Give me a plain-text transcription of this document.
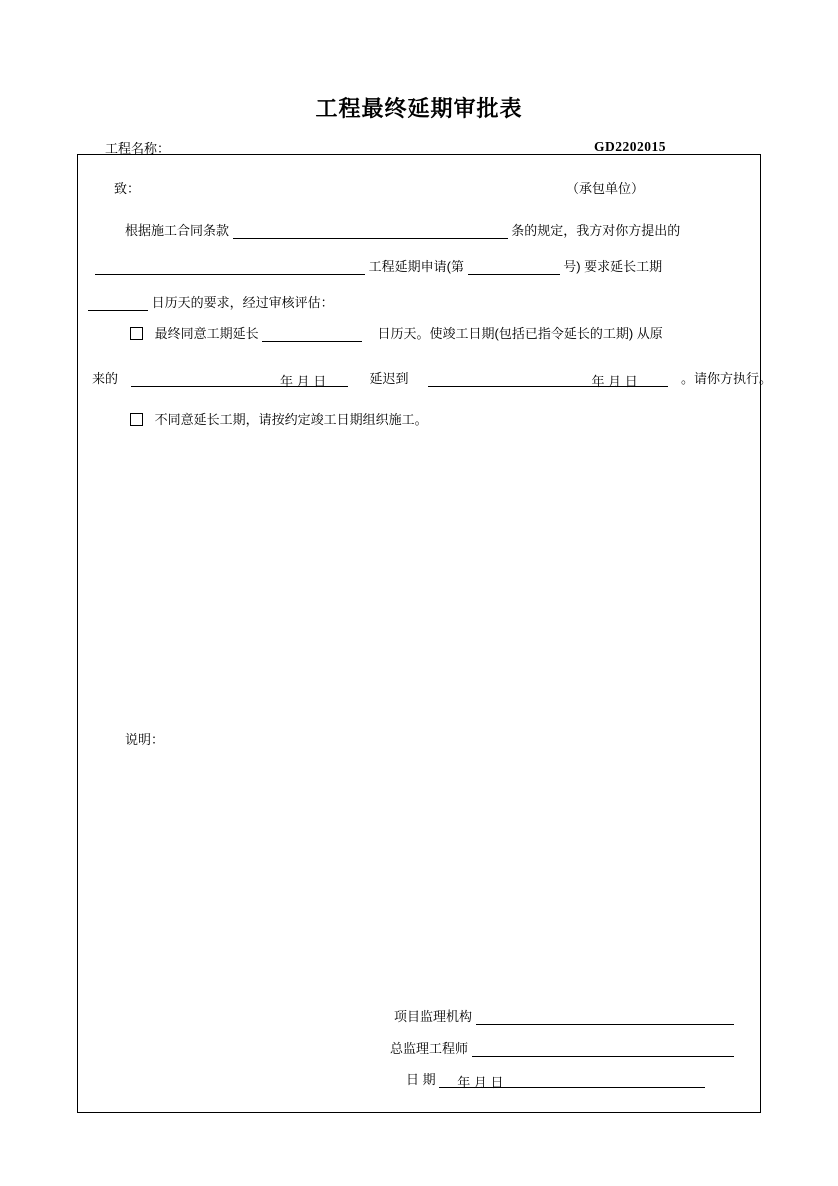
工程最终延期审批表
工程名称：	GD2202015
致：	（承包单位）
根据施工合同条款	条的规定，我方对你方提出的
工程延期申请(第	号) 要求延长工期
日历天的要求，经过审核评估：
最终同意工期延长	日历天。使竣工日期(包括已指令延长的工期) 从原
来的	年 月 日	延迟到	年 月 日	。请你方执行。
不同意延长工期，请按约定竣工日期组织施工。
说明：
项目监理机构
总监理工程师
日 期 年 月 日
